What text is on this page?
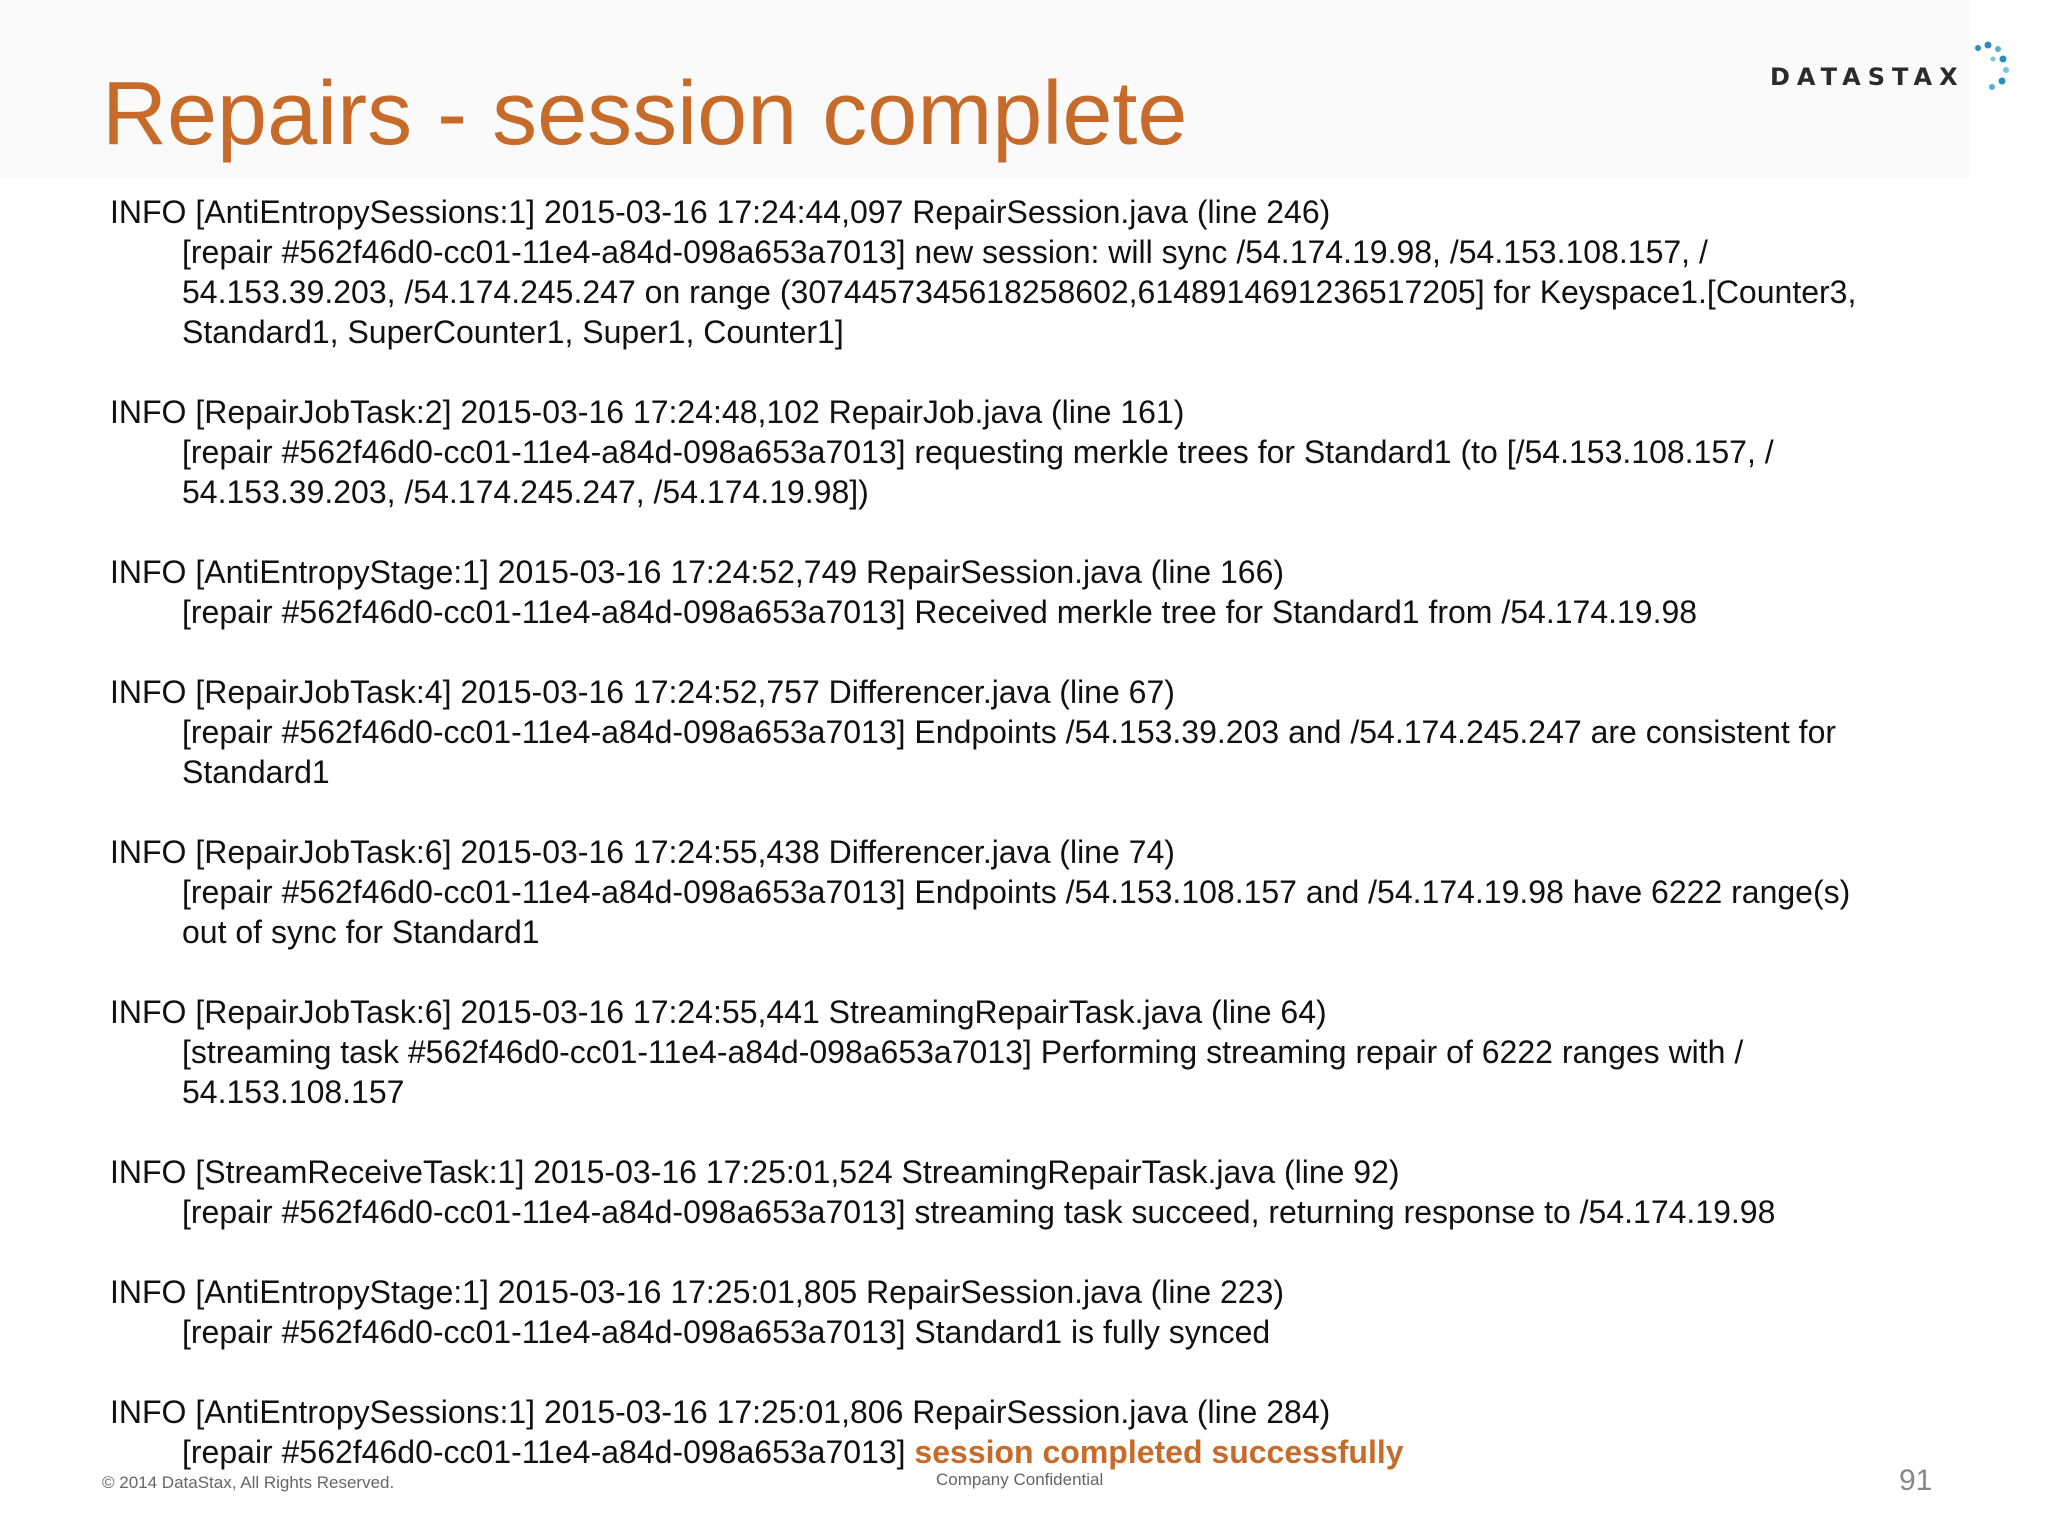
Repairs - session complete	DATASTAX
INFO [AntiEntropySessions:1] 2015-03-16 17:24:44,097 RepairSession.java (line 246)
[repair #562f46d0-cc01-11e4-a84d-098a653a7013] new session: will sync /54.174.19.98, /54.153.108.157, /
54.153.39.203, /54.174.245.247 on range (3074457345618258602,6148914691236517205] for Keyspace1.[Counter3,
Standard1, SuperCounter1, Super1, Counter1]
INFO [RepairJobTask:2] 2015-03-16 17:24:48,102 RepairJob.java (line 161)
[repair #562f46d0-cc01-11e4-a84d-098a653a7013] requesting merkle trees for Standard1 (to [/54.153.108.157, /
54.153.39.203, /54.174.245.247, /54.174.19.98])
INFO [AntiEntropyStage:1] 2015-03-16 17:24:52,749 RepairSession.java (line 166)
[repair #562f46d0-cc01-11e4-a84d-098a653a7013] Received merkle tree for Standard1 from /54.174.19.98
INFO [RepairJobTask:4] 2015-03-16 17:24:52,757 Differencer.java (line 67)
[repair #562f46d0-cc01-11e4-a84d-098a653a7013] Endpoints /54.153.39.203 and /54.174.245.247 are consistent for
Standard1
INFO [RepairJobTask:6] 2015-03-16 17:24:55,438 Differencer.java (line 74)
[repair #562f46d0-cc01-11e4-a84d-098a653a7013] Endpoints /54.153.108.157 and /54.174.19.98 have 6222 range(s)
out of sync for Standard1
INFO [RepairJobTask:6] 2015-03-16 17:24:55,441 StreamingRepairTask.java (line 64)
[streaming task #562f46d0-cc01-11e4-a84d-098a653a7013] Performing streaming repair of 6222 ranges with /
54.153.108.157
INFO [StreamReceiveTask:1] 2015-03-16 17:25:01,524 StreamingRepairTask.java (line 92)
[repair #562f46d0-cc01-11e4-a84d-098a653a7013] streaming task succeed, returning response to /54.174.19.98
INFO [AntiEntropyStage:1] 2015-03-16 17:25:01,805 RepairSession.java (line 223)
[repair #562f46d0-cc01-11e4-a84d-098a653a7013] Standard1 is fully synced
INFO [AntiEntropySessions:1] 2015-03-16 17:25:01,806 RepairSession.java (line 284)
[repair #562f46d0-cc01-11e4-a84d-098a653a7013] session completed successfully
© 2014 DataStax, All Rights Reserved.	Company Confidential	91
